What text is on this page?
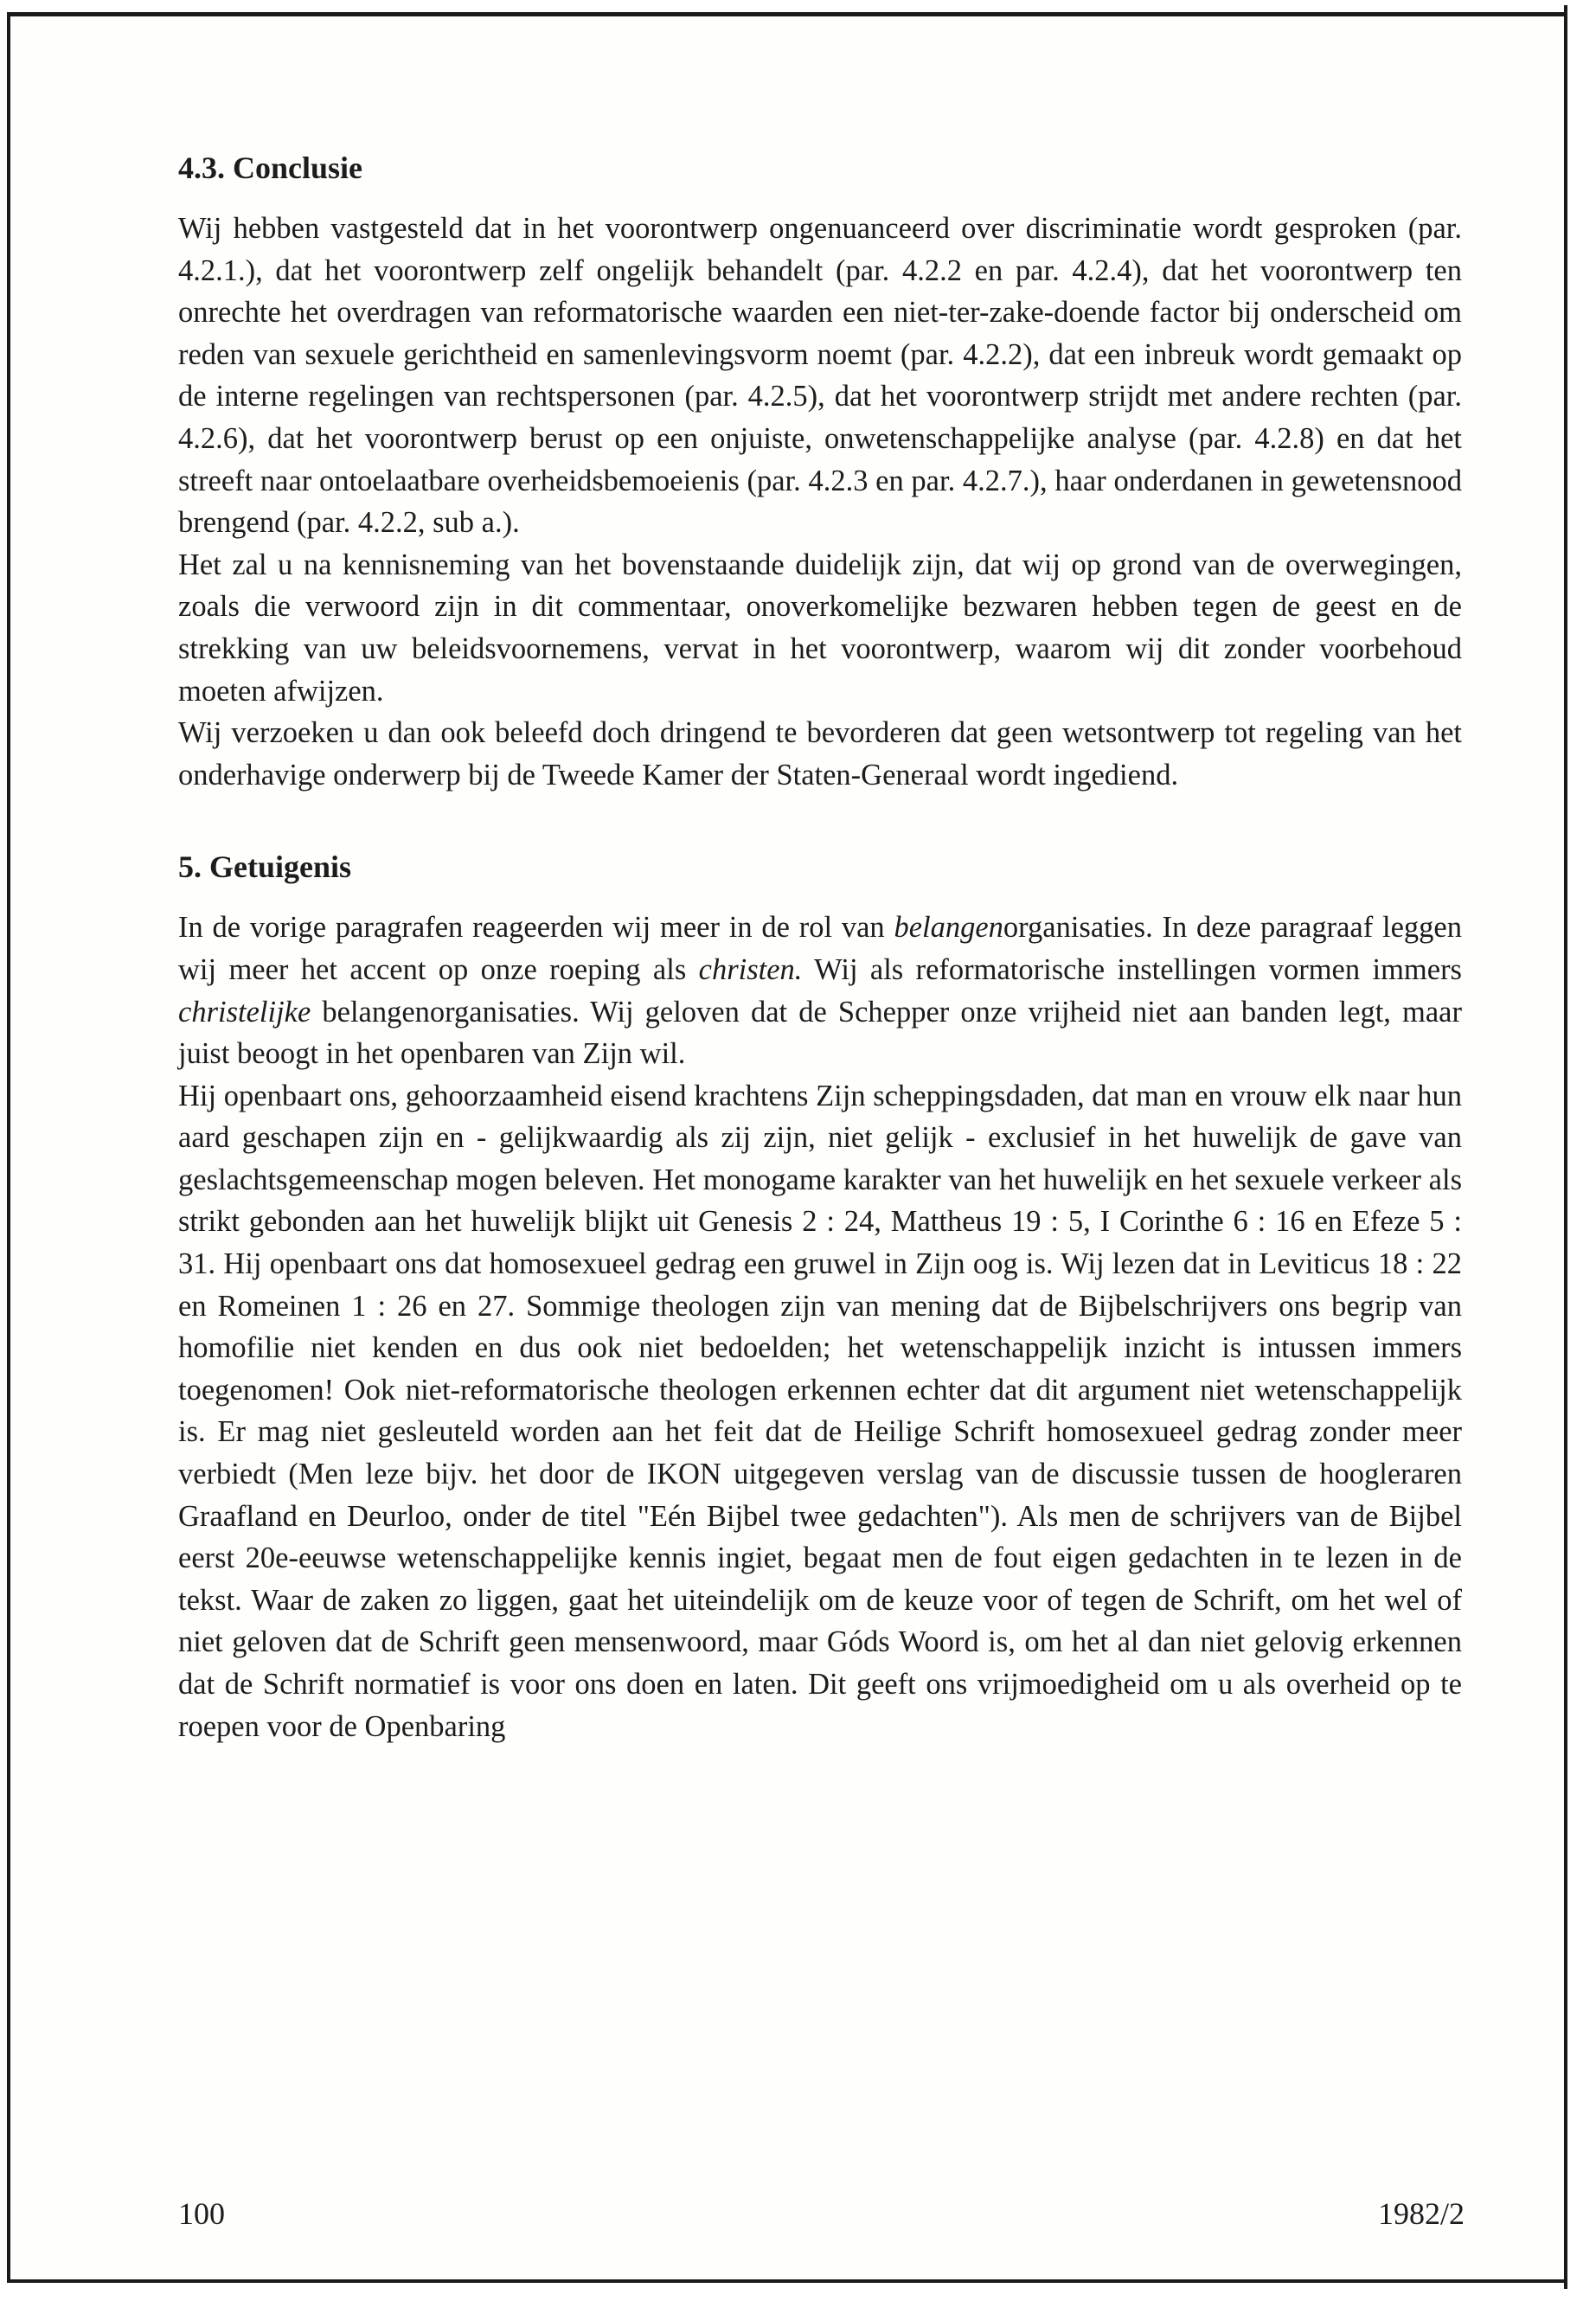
4.3. Conclusie

Wij hebben vastgesteld dat in het voorontwerp ongenuanceerd over discriminatie wordt gesproken (par. 4.2.1.), dat het voorontwerp zelf ongelijk behandelt (par. 4.2.2 en par. 4.2.4), dat het voorontwerp ten onrechte het overdragen van reformatorische waarden een niet-ter-zake-doende factor bij onderscheid om reden van sexuele gerichtheid en samenlevingsvorm noemt (par. 4.2.2), dat een inbreuk wordt gemaakt op de interne regelingen van rechtspersonen (par. 4.2.5), dat het voorontwerp strijdt met andere rechten (par. 4.2.6), dat het voorontwerp berust op een onjuiste, onwetenschappelijke analyse (par. 4.2.8) en dat het streeft naar ontoelaatbare overheidsbemoeienis (par. 4.2.3 en par. 4.2.7.), haar onderdanen in gewetensnood brengend (par. 4.2.2, sub a.).

Het zal u na kennisneming van het bovenstaande duidelijk zijn, dat wij op grond van de overwegingen, zoals die verwoord zijn in dit commentaar, onoverkomelijke bezwaren hebben tegen de geest en de strekking van uw beleidsvoornemens, vervat in het voorontwerp, waarom wij dit zonder voorbehoud moeten afwijzen.

Wij verzoeken u dan ook beleefd doch dringend te bevorderen dat geen wetsontwerp tot regeling van het onderhavige onderwerp bij de Tweede Kamer der Staten-Generaal wordt ingediend.

5. Getuigenis

In de vorige paragrafen reageerden wij meer in de rol van belangenorganisaties. In deze paragraaf leggen wij meer het accent op onze roeping als christen. Wij als reformatorische instellingen vormen immers christelijke belangenorganisaties. Wij geloven dat de Schepper onze vrijheid niet aan banden legt, maar juist beoogt in het openbaren van Zijn wil.

Hij openbaart ons, gehoorzaamheid eisend krachtens Zijn scheppingsdaden, dat man en vrouw elk naar hun aard geschapen zijn en - gelijkwaardig als zij zijn, niet gelijk - exclusief in het huwelijk de gave van geslachtsgemeenschap mogen beleven. Het monogame karakter van het huwelijk en het sexuele verkeer als strikt gebonden aan het huwelijk blijkt uit Genesis 2 : 24, Mattheus 19 : 5, I Corinthe 6 : 16 en Efeze 5 : 31. Hij openbaart ons dat homosexueel gedrag een gruwel in Zijn oog is. Wij lezen dat in Leviticus 18 : 22 en Romeinen 1 : 26 en 27. Sommige theologen zijn van mening dat de Bijbelschrijvers ons begrip van homofilie niet kenden en dus ook niet bedoelden; het wetenschappelijk inzicht is intussen immers toegenomen! Ook niet-reformatorische theologen erkennen echter dat dit argument niet wetenschappelijk is. Er mag niet gesleuteld worden aan het feit dat de Heilige Schrift homosexueel gedrag zonder meer verbiedt (Men leze bijv. het door de IKON uitgegeven verslag van de discussie tussen de hoogleraren Graafland en Deurloo, onder de titel "Eén Bijbel twee gedachten"). Als men de schrijvers van de Bijbel eerst 20e-eeuwse wetenschappelijke kennis ingiet, begaat men de fout eigen gedachten in te lezen in de tekst. Waar de zaken zo liggen, gaat het uiteindelijk om de keuze voor of tegen de Schrift, om het wel of niet geloven dat de Schrift geen mensenwoord, maar Góds Woord is, om het al dan niet gelovig erkennen dat de Schrift normatief is voor ons doen en laten. Dit geeft ons vrijmoedigheid om u als overheid op te roepen voor de Openbaring

100	1982/2
